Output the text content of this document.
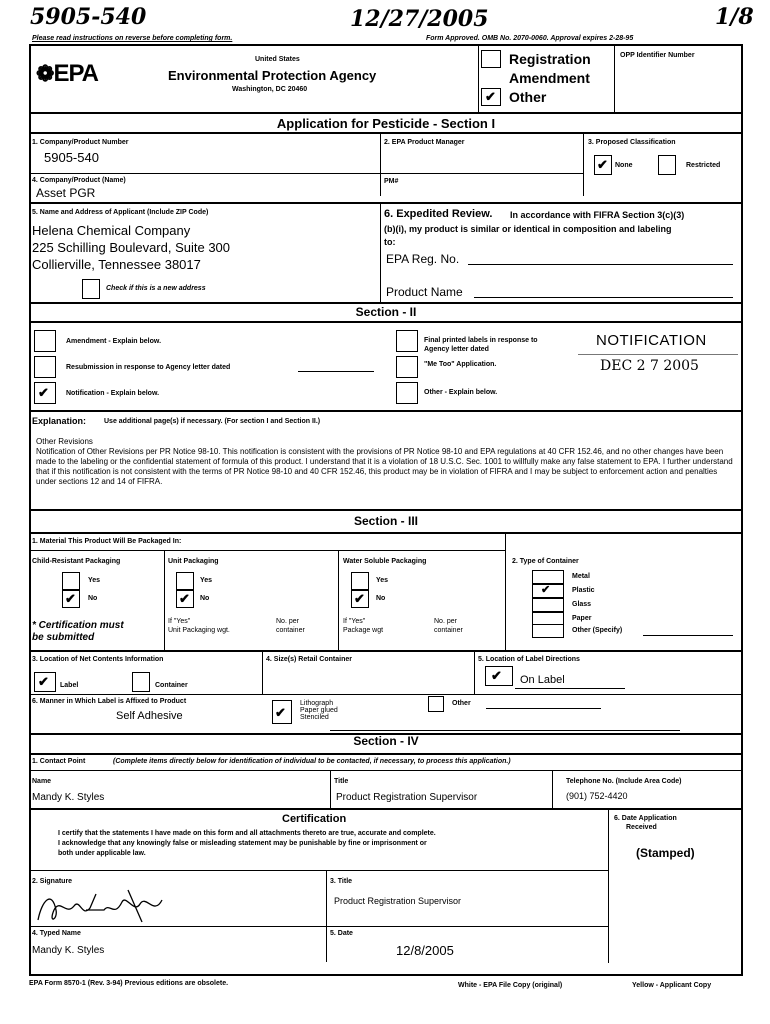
5905-540	12/27/2005	1/8
Please read instructions on reverse before completing form.	Form Approved. OMB No. 2070-0060. Approval expires 2-28-95
❁EPA
United States
Environmental Protection Agency
Washington, DC 20460
Registration
Amendment
✔ Other
OPP Identifier Number
Application for Pesticide - Section I
1. Company/Product Number
5905-540
2. EPA Product Manager	3. Proposed Classification
✔ None	Restricted
4. Company/Product (Name)
Asset PGR
PM#
5. Name and Address of Applicant (Include ZIP Code)
Helena Chemical Company
225 Schilling Boulevard, Suite 300
Collierville, Tennessee 38017
Check if this is a new address
6. Expedited Review. In accordance with FIFRA Section 3(c)(3)
(b)(i), my product is similar or identical in composition and labeling
to:
EPA Reg. No.
Product Name
Section - II
Amendment - Explain below.
Resubmission in response to Agency letter dated
✔ Notification - Explain below.
Final printed labels in response to
Agency letter dated
"Me Too" Application.
Other - Explain below.
NOTIFICATION
DEC 2 7 2005
Explanation:	Use additional page(s) if necessary. (For section I and Section II.)
Other Revisions
Notification of Other Revisions per PR Notice 98-10. This notification is consistent with the provisions of PR Notice 98-10 and EPA regulations at 40 CFR 152.46, and no other changes have been made to the labeling or the confidential statement of formula of this product. I understand that it is a violation of 18 U.S.C. Sec. 1001 to willfully make any false statement to EPA. I further understand that if this notification is not consistent with the terms of PR Notice 98-10 and 40 CFR 152.46, this product may be in violation of FIFRA and I may be subject to enforcement action and penalties under sections 12 and 14 of FIFRA.
Section - III
1. Material This Product Will Be Packaged In:
Child-Resistant Packaging
Yes
✔ No
* Certification must
be submitted
Unit Packaging
Yes
✔ No
If "Yes"
Unit Packaging wgt.
No. per
container
Water Soluble Packaging
Yes
✔ No
If "Yes"
Package wgt
No. per
container
2. Type of Container
Metal
✔	Plastic
Glass
Paper
Other (Specify)
3. Location of Net Contents Information
✔ Label	Container
4. Size(s) Retail Container	5. Location of Label Directions
✔ On Label
6. Manner in Which Label is Affixed to Product
Self Adhesive	✔
Lithograph
Paper glued
Stenciled
Other
Section - IV
1. Contact Point	(Complete items directly below for identification of individual to be contacted, if necessary, to process this application.)
Name
Mandy K. Styles
Title
Product Registration Supervisor
Telephone No. (Include Area Code)
(901) 752-4420
Certification
I certify that the statements I have made on this form and all attachments thereto are true, accurate and complete.
I acknowledge that any knowingly false or misleading statement may be punishable by fine or imprisonment or
both under applicable law.
6. Date Application
Received
(Stamped)
2. Signature	3. Title
Product Registration Supervisor
4. Typed Name
Mandy K. Styles
5. Date
12/8/2005
EPA Form 8570-1 (Rev. 3-94) Previous editions are obsolete.	White - EPA File Copy (original)	Yellow - Applicant Copy
